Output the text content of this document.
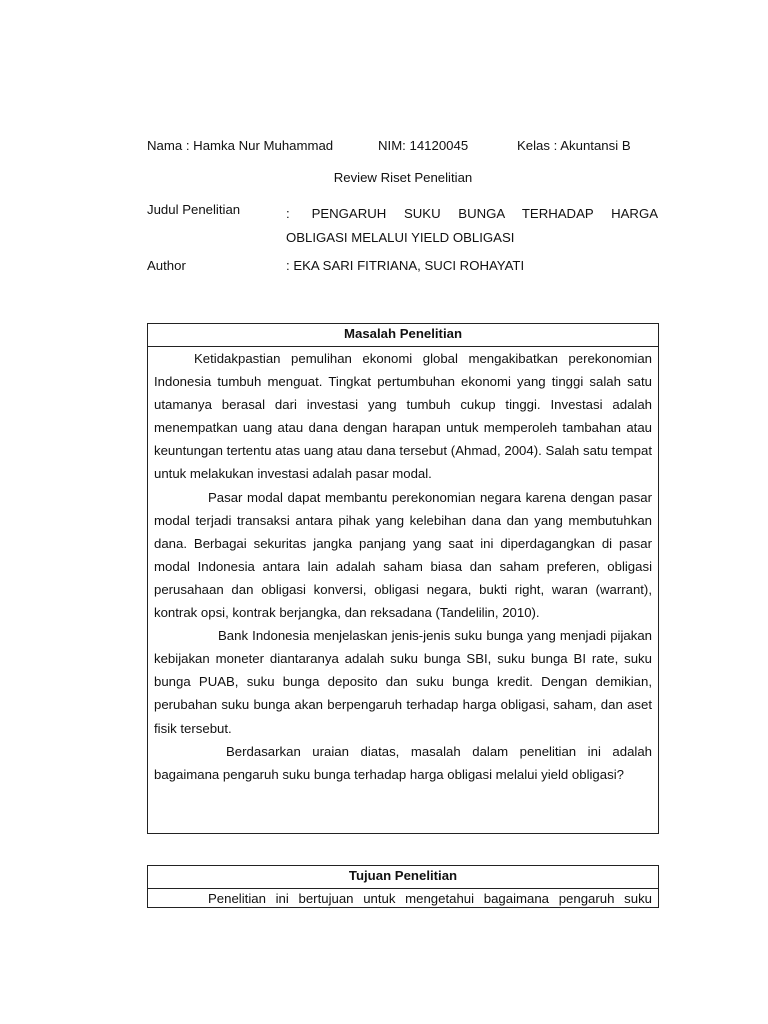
Nama : Hamka Nur Muhammad	NIM: 14120045	Kelas : Akuntansi B
Review Riset Penelitian
Judul Penelitian	: PENGARUH SUKU BUNGA TERHADAP HARGA
OBLIGASI MELALUI YIELD OBLIGASI
Author	: EKA SARI FITRIANA, SUCI ROHAYATI
Masalah Penelitian

Ketidakpastian pemulihan ekonomi global mengakibatkan perekonomian Indonesia tumbuh menguat. Tingkat pertumbuhan ekonomi yang tinggi salah satu utamanya berasal dari investasi yang tumbuh cukup tinggi. Investasi adalah menempatkan uang atau dana dengan harapan untuk memperoleh tambahan atau keuntungan tertentu atas uang atau dana tersebut (Ahmad, 2004). Salah satu tempat untuk melakukan investasi adalah pasar modal.

Pasar modal dapat membantu perekonomian negara karena dengan pasar modal terjadi transaksi antara pihak yang kelebihan dana dan yang membutuhkan dana. Berbagai sekuritas jangka panjang yang saat ini diperdagangkan di pasar modal Indonesia antara lain adalah saham biasa dan saham preferen, obligasi perusahaan dan obligasi konversi, obligasi negara, bukti right, waran (warrant), kontrak opsi, kontrak berjangka, dan reksadana (Tandelilin, 2010).

Bank Indonesia menjelaskan jenis-jenis suku bunga yang menjadi pijakan kebijakan moneter diantaranya adalah suku bunga SBI, suku bunga BI rate, suku bunga PUAB, suku bunga deposito dan suku bunga kredit. Dengan demikian, perubahan suku bunga akan berpengaruh terhadap harga obligasi, saham, dan aset fisik tersebut.

Berdasarkan uraian diatas, masalah dalam penelitian ini adalah bagaimana pengaruh suku bunga terhadap harga obligasi melalui yield obligasi?

Tujuan Penelitian
Penelitian ini bertujuan untuk mengetahui bagaimana pengaruh suku
